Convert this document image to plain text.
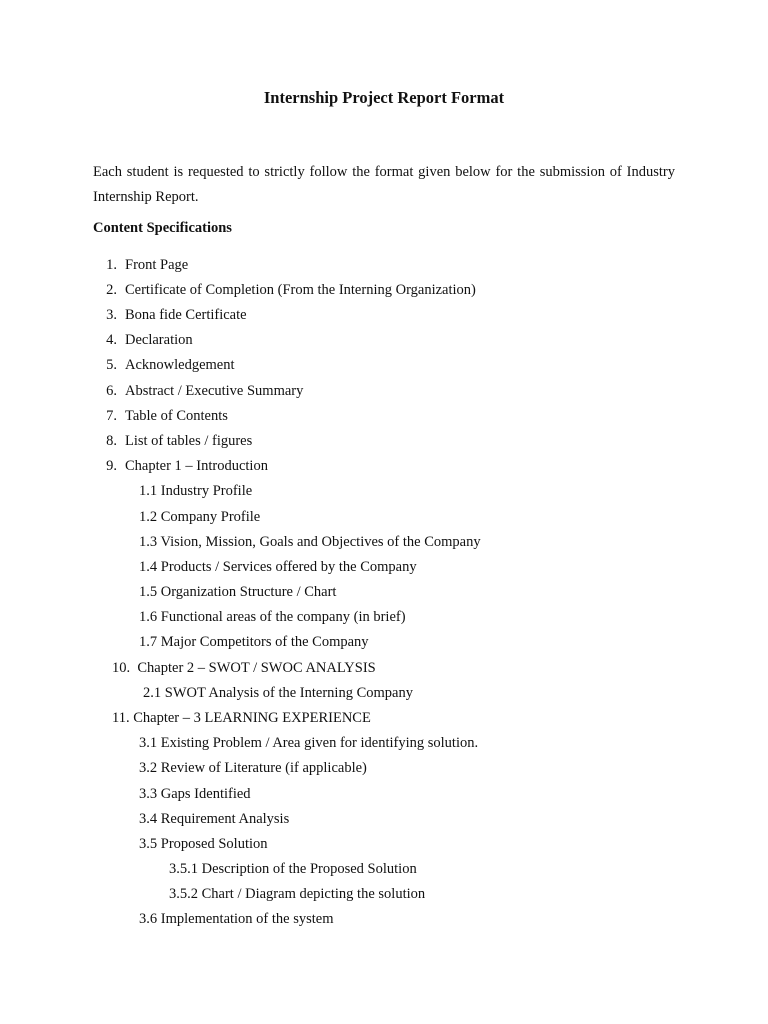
Internship Project Report Format
Each student is requested to strictly follow the format given below for the submission of Industry Internship Report.
Content Specifications
1. Front Page
2. Certificate of Completion (From the Interning Organization)
3. Bona fide Certificate
4. Declaration
5. Acknowledgement
6. Abstract / Executive Summary
7. Table of Contents
8. List of tables / figures
9. Chapter 1 – Introduction
1.1 Industry Profile
1.2 Company Profile
1.3 Vision, Mission, Goals and Objectives of the Company
1.4 Products / Services offered by the Company
1.5 Organization Structure / Chart
1.6 Functional areas of the company (in brief)
1.7 Major Competitors of the Company
10.  Chapter 2 – SWOT / SWOC ANALYSIS
2.1 SWOT Analysis of the Interning Company
11. Chapter – 3 LEARNING EXPERIENCE
3.1 Existing Problem / Area given for identifying solution.
3.2 Review of Literature (if applicable)
3.3 Gaps Identified
3.4 Requirement Analysis
3.5 Proposed Solution
3.5.1 Description of the Proposed Solution
3.5.2 Chart / Diagram depicting the solution
3.6 Implementation of the system
